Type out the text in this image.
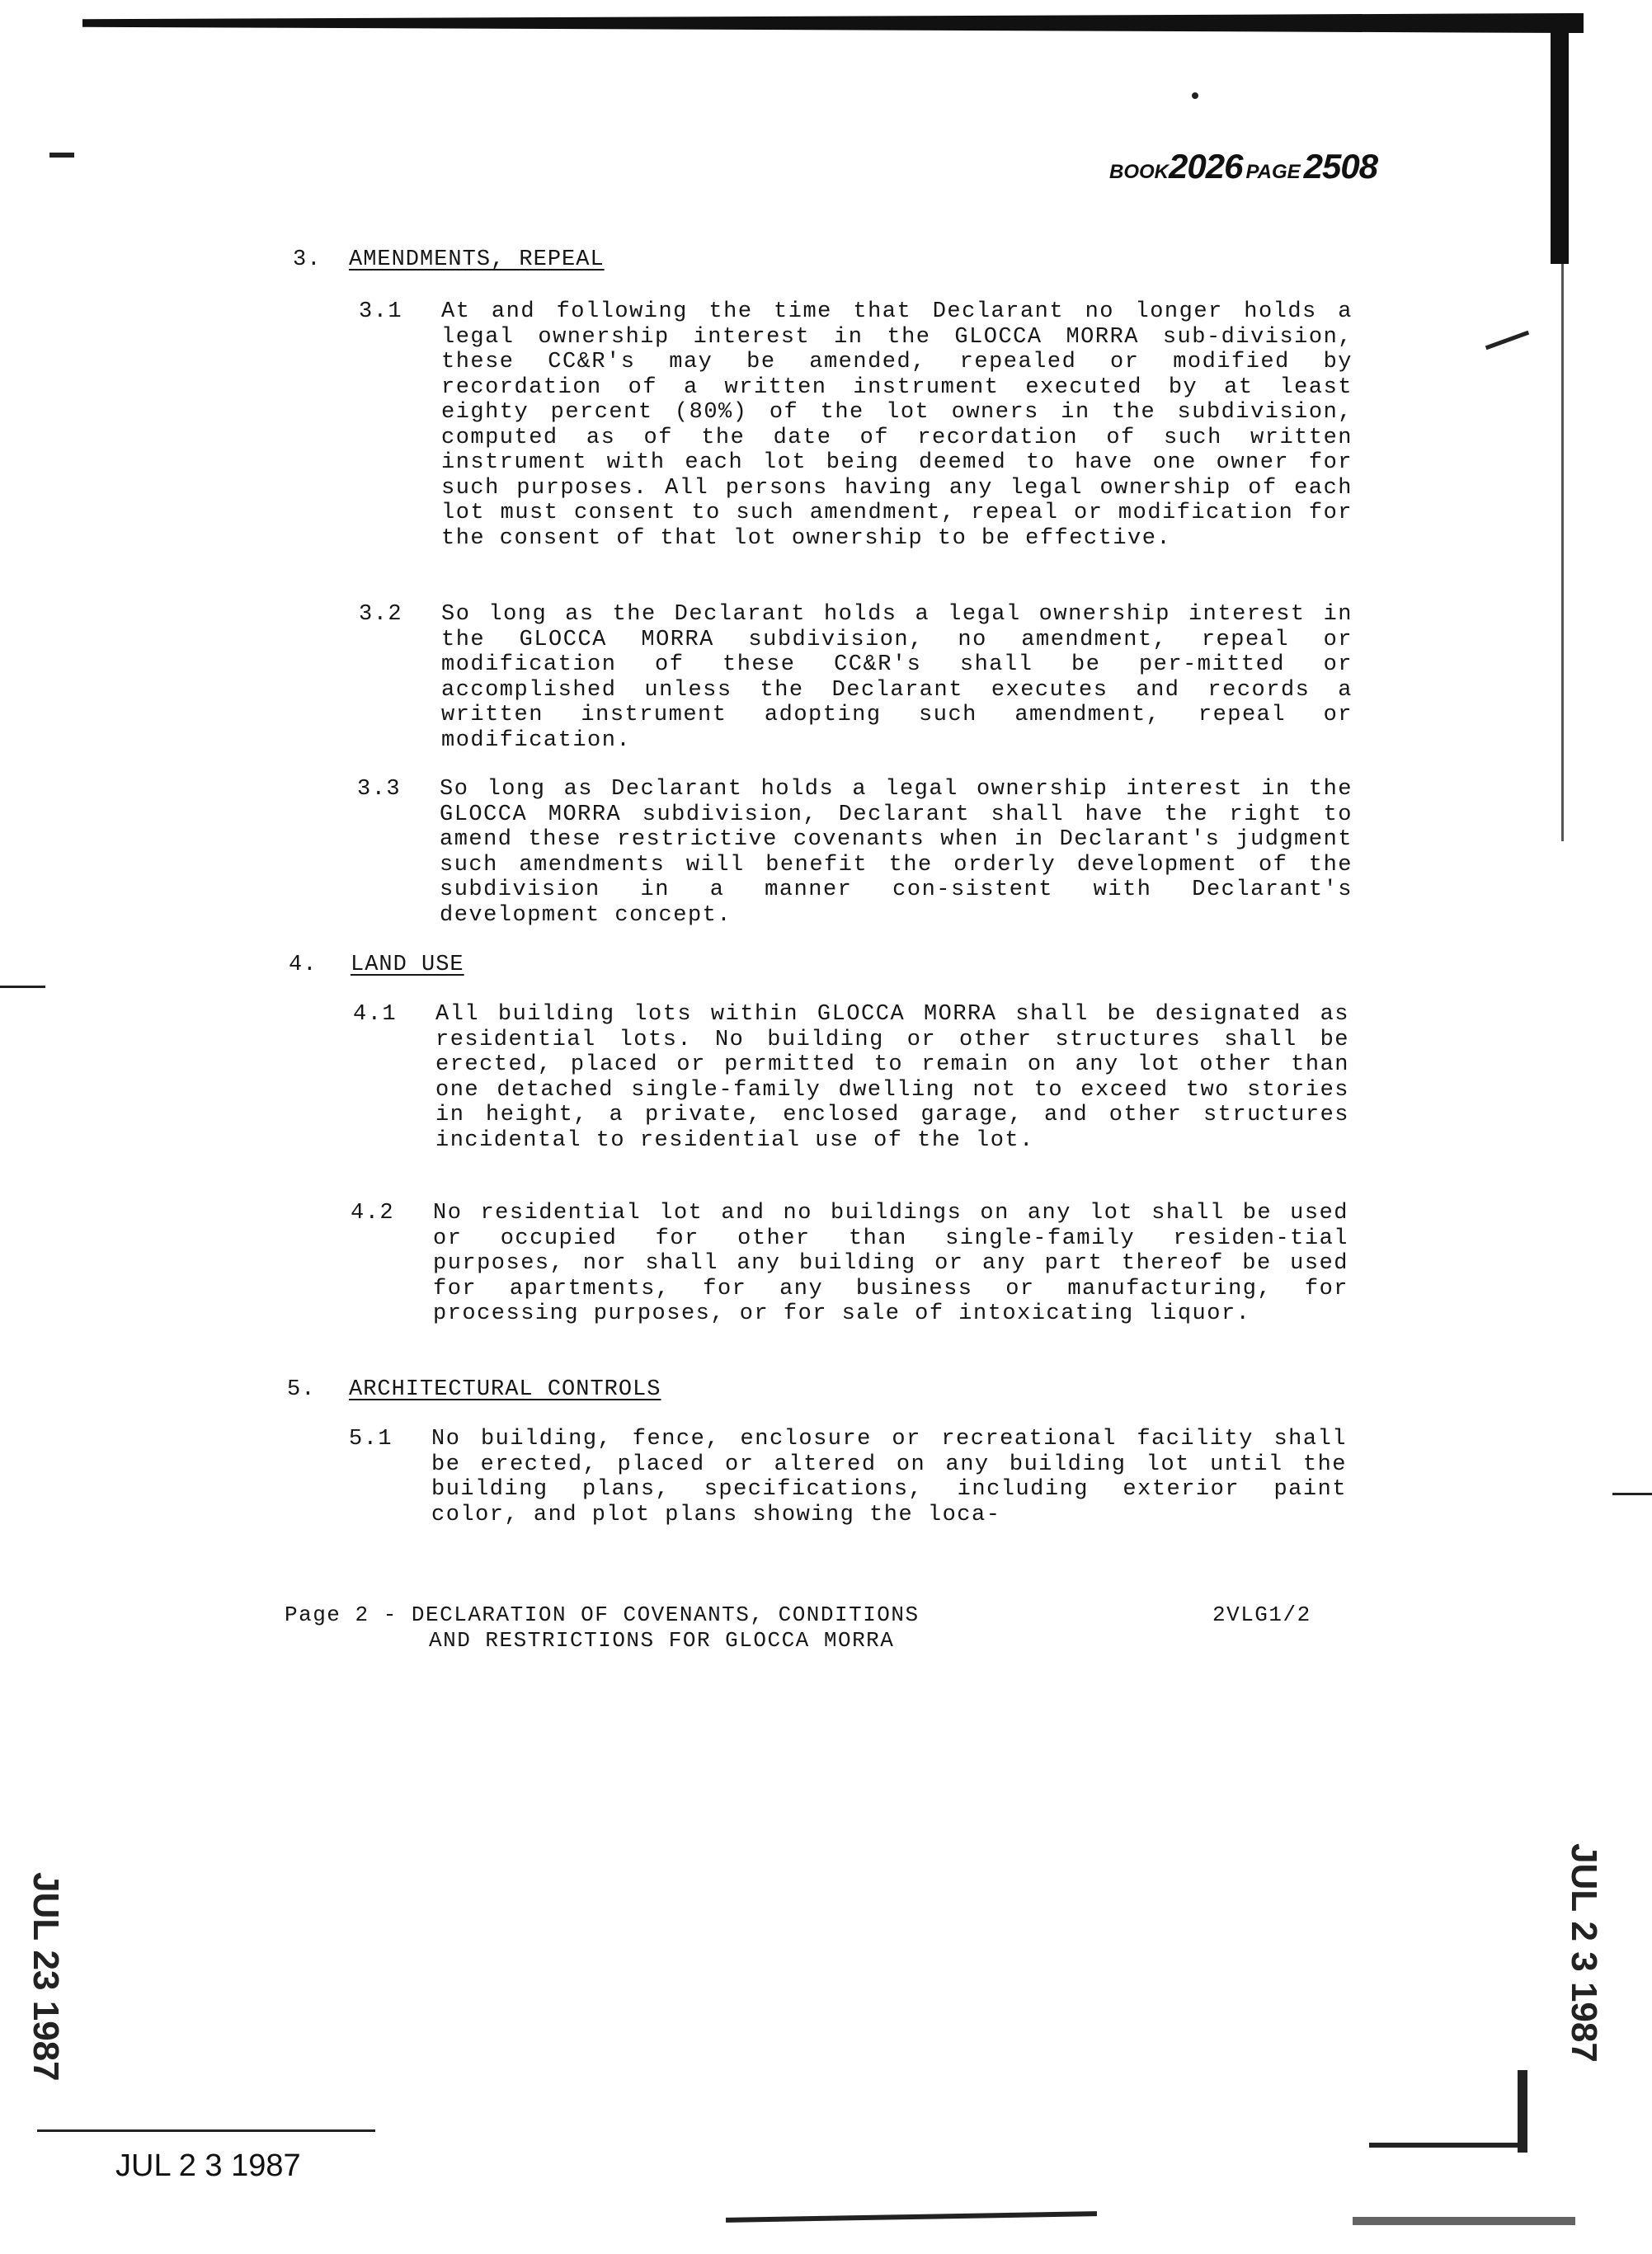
BOOK2026 PAGE2508
3. AMENDMENTS, REPEAL
3.1 At and following the time that Declarant no longer holds a legal ownership interest in the GLOCCA MORRA sub-division, these CC&R's may be amended, repealed or modified by recordation of a written instrument executed by at least eighty percent (80%) of the lot owners in the subdivision, computed as of the date of recordation of such written instrument with each lot being deemed to have one owner for such purposes. All persons having any legal ownership of each lot must consent to such amendment, repeal or modification for the consent of that lot ownership to be effective.
3.2 So long as the Declarant holds a legal ownership interest in the GLOCCA MORRA subdivision, no amendment, repeal or modification of these CC&R's shall be per-mitted or accomplished unless the Declarant executes and records a written instrument adopting such amendment, repeal or modification.
3.3 So long as Declarant holds a legal ownership interest in the GLOCCA MORRA subdivision, Declarant shall have the right to amend these restrictive covenants when in Declarant's judgment such amendments will benefit the orderly development of the subdivision in a manner con-sistent with Declarant's development concept.
4. LAND USE
4.1 All building lots within GLOCCA MORRA shall be designated as residential lots. No building or other structures shall be erected, placed or permitted to remain on any lot other than one detached single-family dwelling not to exceed two stories in height, a private, enclosed garage, and other structures incidental to residential use of the lot.
4.2 No residential lot and no buildings on any lot shall be used or occupied for other than single-family residen-tial purposes, nor shall any building or any part thereof be used for apartments, for any business or manufacturing, for processing purposes, or for sale of intoxicating liquor.
5. ARCHITECTURAL CONTROLS
5.1 No building, fence, enclosure or recreational facility shall be erected, placed or altered on any building lot until the building plans, specifications, including exterior paint color, and plot plans showing the loca-
Page 2 - DECLARATION OF COVENANTS, CONDITIONS
AND RESTRICTIONS FOR GLOCCA MORRA
2VLG1/2
JUL 2 3 1987
JUL 23 1987	JUL 2 3 1987
